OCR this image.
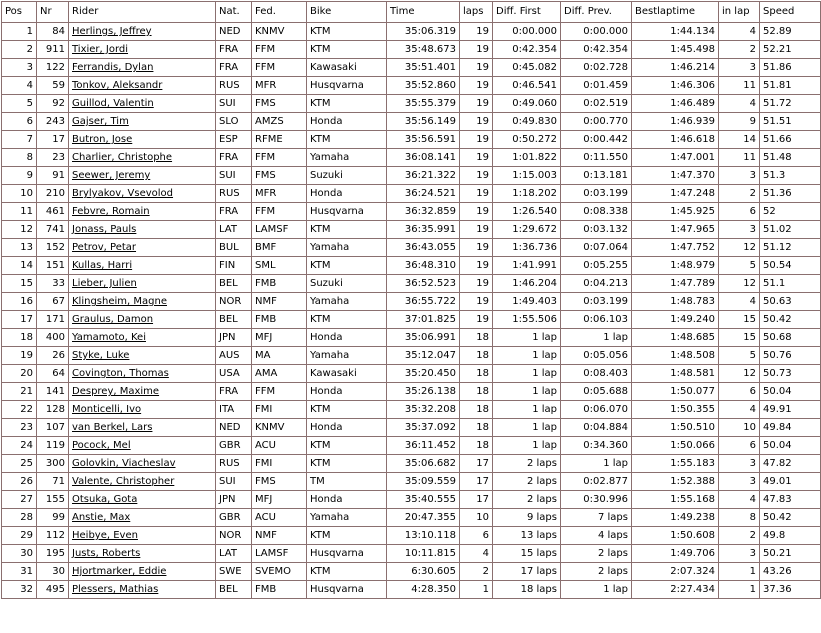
Pos	Nr	Rider	Nat.	Fed.	Bike	Time	laps	Diff. First	Diff. Prev.	Bestlaptime	in lap	Speed
1	84	Herlings, Jeffrey	NED	KNMV	KTM	35:06.319	19	0:00.000	0:00.000	1:44.134	4	52.89
2	911	Tixier, Jordi	FRA	FFM	KTM	35:48.673	19	0:42.354	0:42.354	1:45.498	2	52.21
3	122	Ferrandis, Dylan	FRA	FFM	Kawasaki	35:51.401	19	0:45.082	0:02.728	1:46.214	3	51.86
4	59	Tonkov, Aleksandr	RUS	MFR	Husqvarna	35:52.860	19	0:46.541	0:01.459	1:46.306	11	51.81
5	92	Guillod, Valentin	SUI	FMS	KTM	35:55.379	19	0:49.060	0:02.519	1:46.489	4	51.72
6	243	Gajser, Tim	SLO	AMZS	Honda	35:56.149	19	0:49.830	0:00.770	1:46.939	9	51.51
7	17	Butron, Jose	ESP	RFME	KTM	35:56.591	19	0:50.272	0:00.442	1:46.618	14	51.66
8	23	Charlier, Christophe	FRA	FFM	Yamaha	36:08.141	19	1:01.822	0:11.550	1:47.001	11	51.48
9	91	Seewer, Jeremy	SUI	FMS	Suzuki	36:21.322	19	1:15.003	0:13.181	1:47.370	3	51.3
10	210	Brylyakov, Vsevolod	RUS	MFR	Honda	36:24.521	19	1:18.202	0:03.199	1:47.248	2	51.36
11	461	Febvre, Romain	FRA	FFM	Husqvarna	36:32.859	19	1:26.540	0:08.338	1:45.925	6	52
12	741	Jonass, Pauls	LAT	LAMSF	KTM	36:35.991	19	1:29.672	0:03.132	1:47.965	3	51.02
13	152	Petrov, Petar	BUL	BMF	Yamaha	36:43.055	19	1:36.736	0:07.064	1:47.752	12	51.12
14	151	Kullas, Harri	FIN	SML	KTM	36:48.310	19	1:41.991	0:05.255	1:48.979	5	50.54
15	33	Lieber, Julien	BEL	FMB	Suzuki	36:52.523	19	1:46.204	0:04.213	1:47.789	12	51.1
16	67	Klingsheim, Magne	NOR	NMF	Yamaha	36:55.722	19	1:49.403	0:03.199	1:48.783	4	50.63
17	171	Graulus, Damon	BEL	FMB	KTM	37:01.825	19	1:55.506	0:06.103	1:49.240	15	50.42
18	400	Yamamoto, Kei	JPN	MFJ	Honda	35:06.991	18	1 lap	1 lap	1:48.685	15	50.68
19	26	Styke, Luke	AUS	MA	Yamaha	35:12.047	18	1 lap	0:05.056	1:48.508	5	50.76
20	64	Covington, Thomas	USA	AMA	Kawasaki	35:20.450	18	1 lap	0:08.403	1:48.581	12	50.73
21	141	Desprey, Maxime	FRA	FFM	Honda	35:26.138	18	1 lap	0:05.688	1:50.077	6	50.04
22	128	Monticelli, Ivo	ITA	FMI	KTM	35:32.208	18	1 lap	0:06.070	1:50.355	4	49.91
23	107	van Berkel, Lars	NED	KNMV	Honda	35:37.092	18	1 lap	0:04.884	1:50.510	10	49.84
24	119	Pocock, Mel	GBR	ACU	KTM	36:11.452	18	1 lap	0:34.360	1:50.066	6	50.04
25	300	Golovkin, Viacheslav	RUS	FMI	KTM	35:06.682	17	2 laps	1 lap	1:55.183	3	47.82
26	71	Valente, Christopher	SUI	FMS	TM	35:09.559	17	2 laps	0:02.877	1:52.388	3	49.01
27	155	Otsuka, Gota	JPN	MFJ	Honda	35:40.555	17	2 laps	0:30.996	1:55.168	4	47.83
28	99	Anstie, Max	GBR	ACU	Yamaha	20:47.355	10	9 laps	7 laps	1:49.238	8	50.42
29	112	Heibye, Even	NOR	NMF	KTM	13:10.118	6	13 laps	4 laps	1:50.608	2	49.8
30	195	Justs, Roberts	LAT	LAMSF	Husqvarna	10:11.815	4	15 laps	2 laps	1:49.706	3	50.21
31	30	Hjortmarker, Eddie	SWE	SVEMO	KTM	6:30.605	2	17 laps	2 laps	2:07.324	1	43.26
32	495	Plessers, Mathias	BEL	FMB	Husqvarna	4:28.350	1	18 laps	1 lap	2:27.434	1	37.36
